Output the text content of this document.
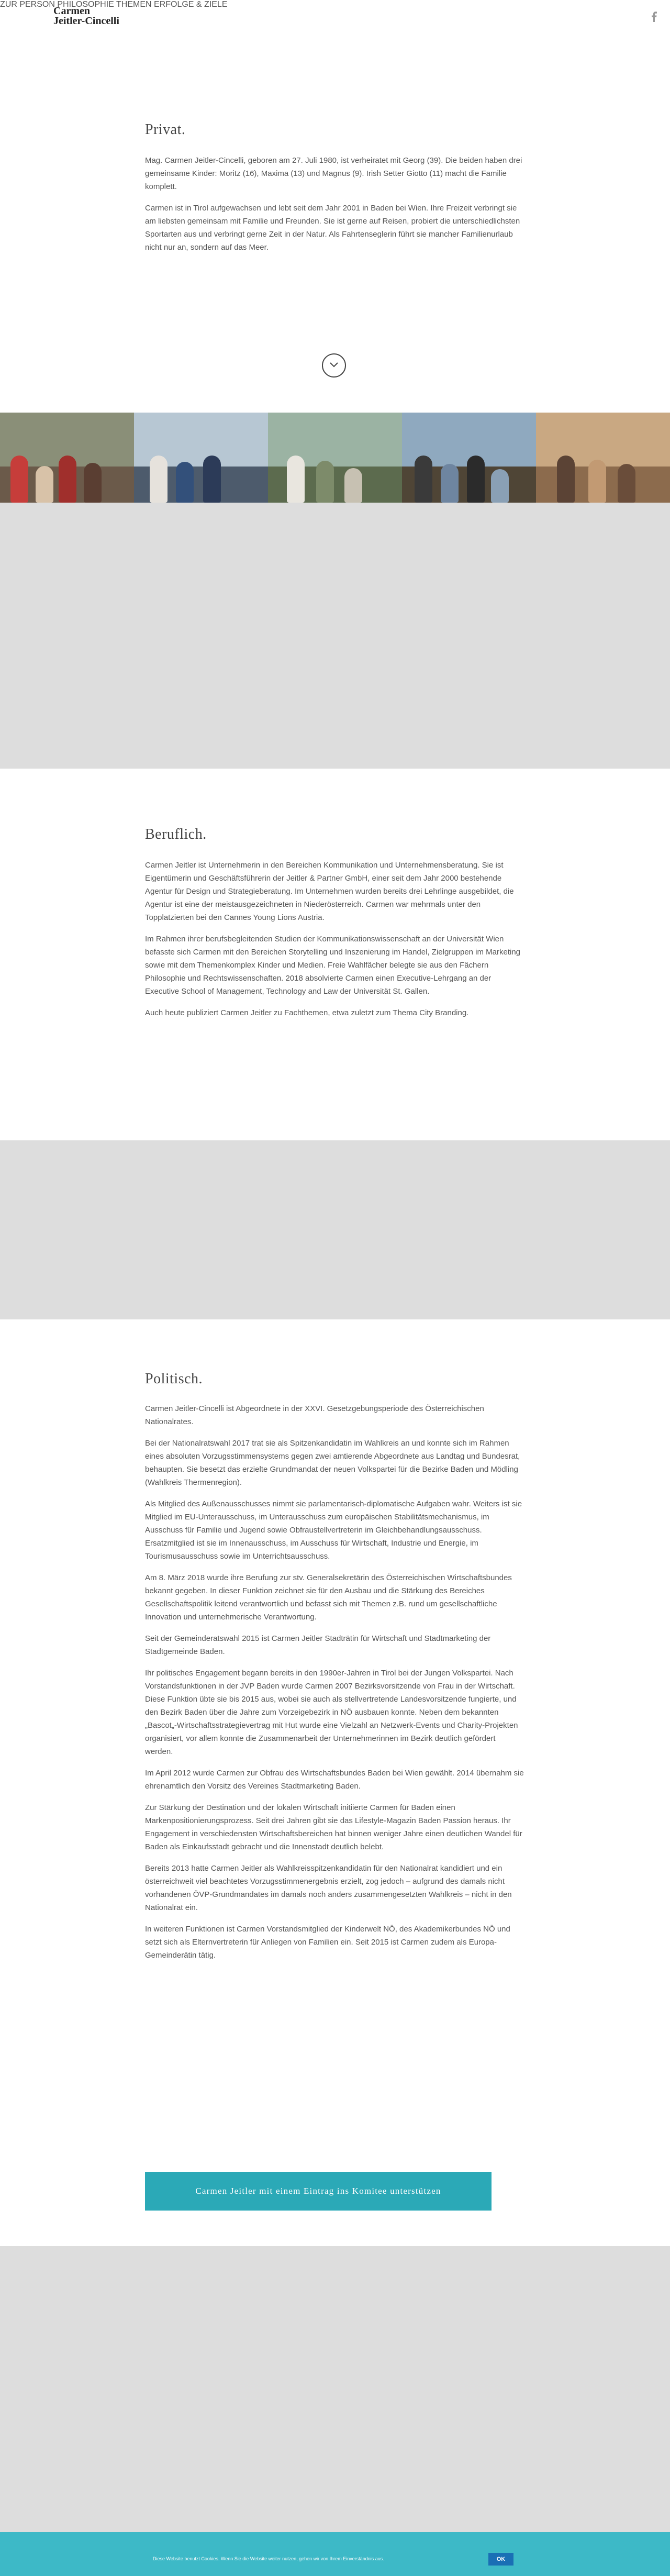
Carmen
Jeitler-Cincelli
ZUR PERSON PHILOSOPHIE THEMEN ERFOLGE & ZIELE
Privat.

Mag. Carmen Jeitler-Cincelli, geboren am 27. Juli 1980, ist verheiratet mit Georg (39). Die beiden haben drei gemeinsame Kinder: Moritz (16), Maxima (13) und Magnus (9). Irish Setter Giotto (11) macht die Familie komplett.

Carmen ist in Tirol aufgewachsen und lebt seit dem Jahr 2001 in Baden bei Wien. Ihre Freizeit verbringt sie am liebsten gemeinsam mit Familie und Freunden. Sie ist gerne auf Reisen, probiert die unterschiedlichsten Sportarten aus und verbringt gerne Zeit in der Natur. Als Fahrtenseglerin führt sie mancher Familienurlaub nicht nur an, sondern auf das Meer.

Beruflich.

Carmen Jeitler ist Unternehmerin in den Bereichen Kommunikation und Unternehmensberatung. Sie ist Eigentümerin und Geschäftsführerin der Jeitler & Partner GmbH, einer seit dem Jahr 2000 bestehende Agentur für Design und Strategieberatung. Im Unternehmen wurden bereits drei Lehrlinge ausgebildet, die Agentur ist eine der meistausgezeichneten in Niederösterreich. Carmen war mehrmals unter den Topplatzierten bei den Cannes Young Lions Austria.

Im Rahmen ihrer berufsbegleitenden Studien der Kommunikationswissenschaft an der Universität Wien befasste sich Carmen mit den Bereichen Storytelling und Inszenierung im Handel, Zielgruppen im Marketing sowie mit dem Themenkomplex Kinder und Medien. Freie Wahlfächer belegte sie aus den Fächern Philosophie und Rechtswissenschaften. 2018 absolvierte Carmen einen Executive-Lehrgang an der Executive School of Management, Technology and Law der Universität St. Gallen.

Auch heute publiziert Carmen Jeitler zu Fachthemen, etwa zuletzt zum Thema City Branding.

Politisch.

Carmen Jeitler-Cincelli ist Abgeordnete in der XXVI. Gesetzgebungsperiode des Österreichischen Nationalrates.

Bei der Nationalratswahl 2017 trat sie als Spitzenkandidatin im Wahlkreis an und konnte sich im Rahmen eines absoluten Vorzugsstimmensystems gegen zwei amtierende Abgeordnete aus Landtag und Bundesrat, behaupten. Sie besetzt das erzielte Grundmandat der neuen Volkspartei für die Bezirke Baden und Mödling (Wahlkreis Thermenregion).

Als Mitglied des Außenausschusses nimmt sie parlamentarisch-diplomatische Aufgaben wahr. Weiters ist sie Mitglied im EU-Unterausschuss, im Unterausschuss zum europäischen Stabilitätsmechanismus, im Ausschuss für Familie und Jugend sowie Obfraustellvertreterin im Gleichbehandlungsausschuss. Ersatzmitglied ist sie im Innenausschuss, im Ausschuss für Wirtschaft, Industrie und Energie, im Tourismusausschuss sowie im Unterrichtsausschuss.

Am 8. März 2018 wurde ihre Berufung zur stv. Generalsekretärin des Österreichischen Wirtschaftsbundes bekannt gegeben. In dieser Funktion zeichnet sie für den Ausbau und die Stärkung des Bereiches Gesellschaftspolitik leitend verantwortlich und befasst sich mit Themen z.B. rund um gesellschaftliche Innovation und unternehmerische Verantwortung.

Seit der Gemeinderatswahl 2015 ist Carmen Jeitler Stadträtin für Wirtschaft und Stadtmarketing der Stadtgemeinde Baden.

Ihr politisches Engagement begann bereits in den 1990er-Jahren in Tirol bei der Jungen Volkspartei. Nach Vorstandsfunktionen in der JVP Baden wurde Carmen 2007 Bezirksvorsitzende von Frau in der Wirtschaft. Diese Funktion übte sie bis 2015 aus, wobei sie auch als stellvertretende Landesvorsitzende fungierte, und den Bezirk Baden über die Jahre zum Vorzeigebezirk in NÖ ausbauen konnte. Neben dem bekannten „Bascot„-Wirtschaftsstrategievertrag mit Hut wurde eine Vielzahl an Netzwerk-Events und Charity-Projekten organisiert, vor allem konnte die Zusammenarbeit der Unternehmerinnen im Bezirk deutlich gefördert werden.

Im April 2012 wurde Carmen zur Obfrau des Wirtschaftsbundes Baden bei Wien gewählt. 2014 übernahm sie ehrenamtlich den Vorsitz des Vereines Stadtmarketing Baden.

Zur Stärkung der Destination und der lokalen Wirtschaft initiierte Carmen für Baden einen Markenpositionierungsprozess. Seit drei Jahren gibt sie das Lifestyle-Magazin Baden Passion heraus. Ihr Engagement in verschiedensten Wirtschaftsbereichen hat binnen weniger Jahre einen deutlichen Wandel für Baden als Einkaufsstadt gebracht und die Innenstadt deutlich belebt.

Bereits 2013 hatte Carmen Jeitler als Wahlkreisspitzenkandidatin für den Nationalrat kandidiert und ein österreichweit viel beachtetes Vorzugsstimmenergebnis erzielt, zog jedoch – aufgrund des damals nicht vorhandenen ÖVP-Grundmandates im damals noch anders zusammengesetzten Wahlkreis – nicht in den Nationalrat ein.

In weiteren Funktionen ist Carmen Vorstandsmitglied der Kinderwelt NÖ, des Akademikerbundes NÖ und setzt sich als Elternvertreterin für Anliegen von Familien ein. Seit 2015 ist Carmen zudem als Europa-Gemeinderätin tätig.

Carmen Jeitler mit einem Eintrag ins Komitee unterstützen
Diese Website benutzt Cookies. Wenn Sie die Website weiter nutzen, gehen wir von Ihrem Einverständnis aus.	OK
